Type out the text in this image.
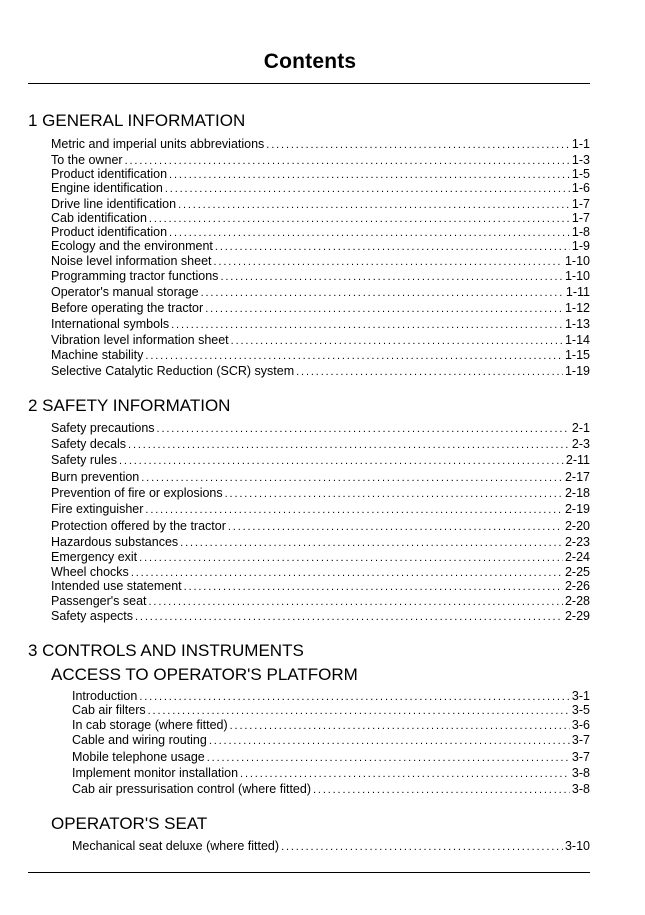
Contents
1 GENERAL INFORMATION
Metric and imperial units abbreviations . . .	1-1
To the owner . . .	1-3
Product identification . . .	1-5
Engine identification . . .	1-6
Drive line identification . . .	1-7
Cab identification . . .	1-7
Product identification . . .	1-8
Ecology and the environment . . .	1-9
Noise level information sheet . . .	1-10
Programming tractor functions . . .	1-10
Operator's manual storage . . .	1-11
Before operating the tractor . . .	1-12
International symbols . . .	1-13
Vibration level information sheet . . .	1-14
Machine stability . . .	1-15
Selective Catalytic Reduction (SCR) system . . .	1-19
2 SAFETY INFORMATION
Safety precautions . . .	2-1
Safety decals . . .	2-3
Safety rules . . .	2-11
Burn prevention . . .	2-17
Prevention of fire or explosions . . .	2-18
Fire extinguisher . . .	2-19
Protection offered by the tractor . . .	2-20
Hazardous substances . . .	2-23
Emergency exit . . .	2-24
Wheel chocks . . .	2-25
Intended use statement . . .	2-26
Passenger's seat . . .	2-28
Safety aspects . . .	2-29
3 CONTROLS AND INSTRUMENTS
ACCESS TO OPERATOR'S PLATFORM
Introduction . . .	3-1
Cab air filters . . .	3-5
In cab storage (where fitted) . . .	3-6
Cable and wiring routing . . .	3-7
Mobile telephone usage . . .	3-7
Implement monitor installation . . .	3-8
Cab air pressurisation control (where fitted) . . .	3-8
OPERATOR'S SEAT
Mechanical seat deluxe (where fitted) . . .	3-10
